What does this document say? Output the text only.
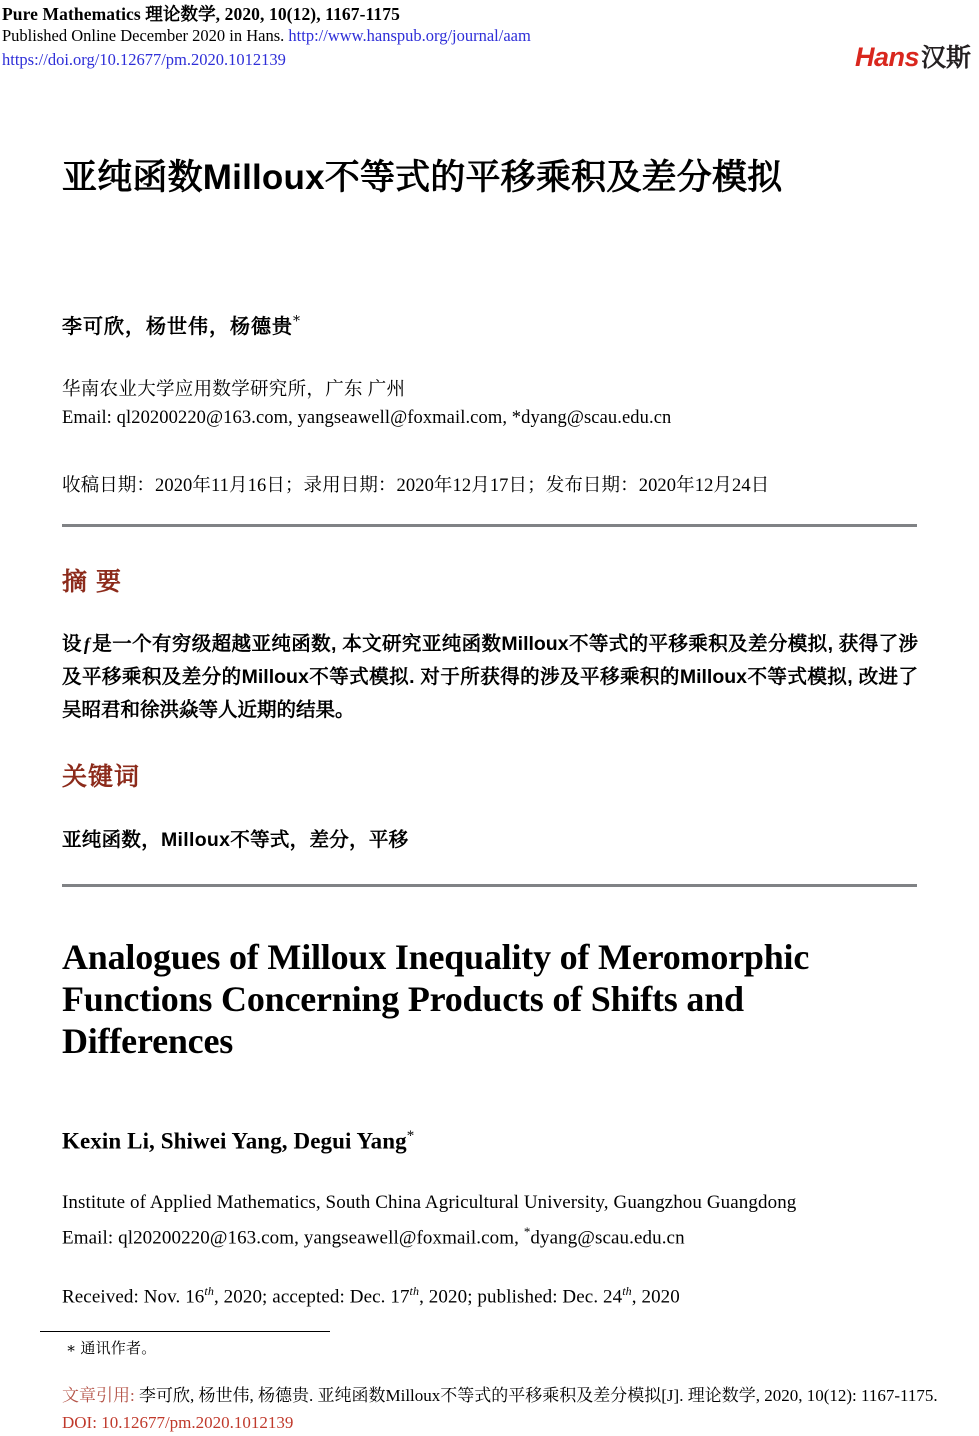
Pure Mathematics 理论数学, 2020, 10(12), 1167-1175
Published Online December 2020 in Hans. http://www.hanspub.org/journal/aam
https://doi.org/10.12677/pm.2020.1012139	Hans 汉斯
亚纯函数Milloux不等式的平移乘积及差分模拟
李可欣，杨世伟，杨德贵*
华南农业大学应用数学研究所，广东 广州
Email: ql20200220@163.com, yangseawell@foxmail.com, *dyang@scau.edu.cn
收稿日期：2020年11月16日；录用日期：2020年12月17日；发布日期：2020年12月24日
摘 要
设 f 是一个有穷级超越亚纯函数, 本文研究亚纯函数Milloux不等式的平移乘积及差分模拟, 获得了涉及平移乘积及差分的Milloux不等式模拟. 对于所获得的涉及平移乘积的Milloux不等式模拟, 改进了吴昭君和徐洪焱等人近期的结果。
关键词
亚纯函数，Milloux不等式，差分，平移
Analogues of Milloux Inequality of Meromorphic Functions Concerning Products of Shifts and Differences
Kexin Li, Shiwei Yang, Degui Yang*
Institute of Applied Mathematics, South China Agricultural University, Guangzhou Guangdong
Email: ql20200220@163.com, yangseawell@foxmail.com, *dyang@scau.edu.cn
Received: Nov. 16th, 2020; accepted: Dec. 17th, 2020; published: Dec. 24th, 2020
∗ 通讯作者。
文章引用: 李可欣, 杨世伟, 杨德贵. 亚纯函数Milloux不等式的平移乘积及差分模拟[J]. 理论数学, 2020, 10(12): 1167-1175. DOI: 10.12677/pm.2020.1012139
